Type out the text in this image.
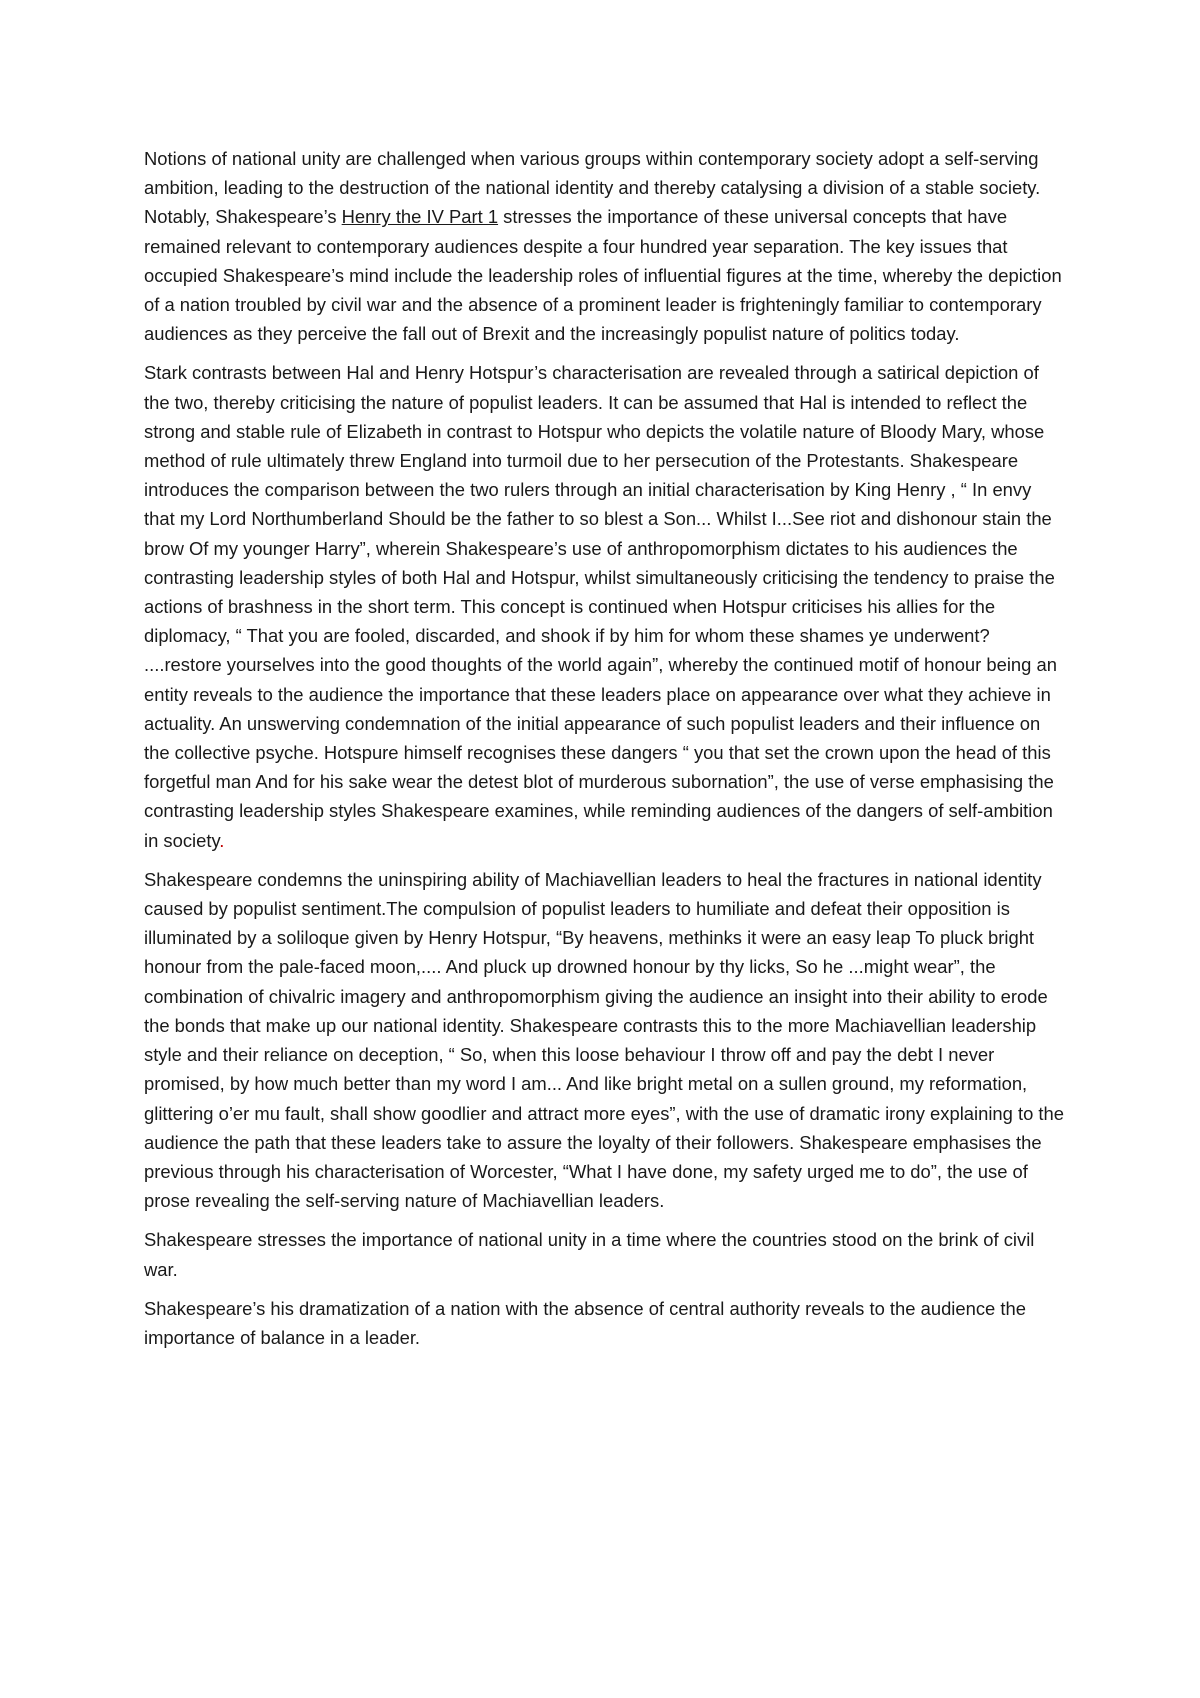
Notions of national unity are challenged when various groups within contemporary society adopt a self-serving ambition, leading to the destruction of the national identity and thereby catalysing a division of a stable society. Notably, Shakespeare’s Henry the IV Part 1 stresses the importance of these universal concepts that have remained relevant to contemporary audiences despite a four hundred year separation. The key issues that occupied Shakespeare’s mind include the leadership roles of influential figures at the time, whereby the depiction of a nation troubled by civil war and the absence of a prominent leader is frighteningly familiar to contemporary audiences as they perceive the fall out of Brexit and the increasingly populist nature of politics today.

Stark contrasts between Hal and Henry Hotspur’s characterisation are revealed through a satirical depiction of the two, thereby criticising the nature of populist leaders. It can be assumed that Hal is intended to reflect the strong and stable rule of Elizabeth in contrast to Hotspur who depicts the volatile nature of Bloody Mary, whose method of rule ultimately threw England into turmoil due to her persecution of the Protestants. Shakespeare introduces the comparison between the two rulers through an initial characterisation by King Henry , “ In envy that my Lord Northumberland Should be the father to so blest a Son... Whilst I...See riot and dishonour stain the brow Of my younger Harry”, wherein Shakespeare’s use of anthropomorphism dictates to his audiences the contrasting leadership styles of both Hal and Hotspur, whilst simultaneously criticising the tendency to praise the actions of brashness in the short term. This concept is continued when Hotspur criticises his allies for the diplomacy, “ That you are fooled, discarded, and shook if by him for whom these shames ye underwent? ....restore yourselves into the good thoughts of the world again”, whereby the continued motif of honour being an entity reveals to the audience the importance that these leaders place on appearance over what they achieve in actuality. An unswerving condemnation of the initial appearance of such populist leaders and their influence on the collective psyche. Hotspure himself recognises these dangers “ you that set the crown upon the head of this forgetful man And for his sake wear the detest blot of murderous subornation”, the use of verse emphasising the contrasting leadership styles Shakespeare examines, while reminding audiences of the dangers of self-ambition in society.

Shakespeare condemns the uninspiring ability of Machiavellian leaders to heal the fractures in national identity caused by populist sentiment.The compulsion of populist leaders to humiliate and defeat their opposition is illuminated by a soliloque given by Henry Hotspur, “By heavens, methinks it were an easy leap To pluck bright honour from the pale-faced moon,.... And pluck up drowned honour by thy licks, So he ...might wear”, the combination of chivalric imagery and anthropomorphism giving the audience an insight into their ability to erode the bonds that make up our national identity. Shakespeare contrasts this to the more Machiavellian leadership style and their reliance on deception, “ So, when this loose behaviour I throw off and pay the debt I never promised, by how much better than my word I am... And like bright metal on a sullen ground, my reformation, glittering o’er mu fault, shall show goodlier and attract more eyes”, with the use of dramatic irony explaining to the audience the path that these leaders take to assure the loyalty of their followers. Shakespeare emphasises the previous through his characterisation of Worcester, “What I have done, my safety urged me to do”, the use of prose revealing the self-serving nature of Machiavellian leaders.

Shakespeare stresses the importance of national unity in a time where the countries stood on the brink of civil war.

Shakespeare’s his dramatization of a nation with the absence of central authority reveals to the audience the importance of balance in a leader.
